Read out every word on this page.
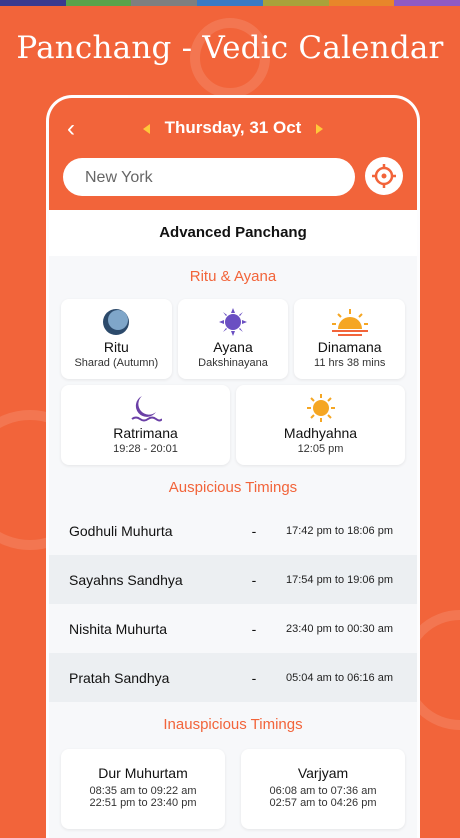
Panchang - Vedic Calendar
‹	Thursday, 31 Oct
New York
Advanced Panchang
Ritu & Ayana
Ritu
Sharad (Autumn)
Ayana
Dakshinayana
Dinamana
11 hrs 38 mins
Ratrimana
19:28 - 20:01
Madhyahna
12:05 pm
Auspicious Timings
Godhuli Muhurta	-	17:42 pm to 18:06 pm
Sayahns Sandhya	-	17:54 pm to 19:06 pm
Nishita Muhurta	-	23:40 pm to 00:30 am
Pratah Sandhya	-	05:04 am to 06:16 am
Inauspicious Timings
Dur Muhurtam
08:35 am to 09:22 am
22:51 pm to 23:40 pm
Varjyam
06:08 am to 07:36 am
02:57 am to 04:26 pm
